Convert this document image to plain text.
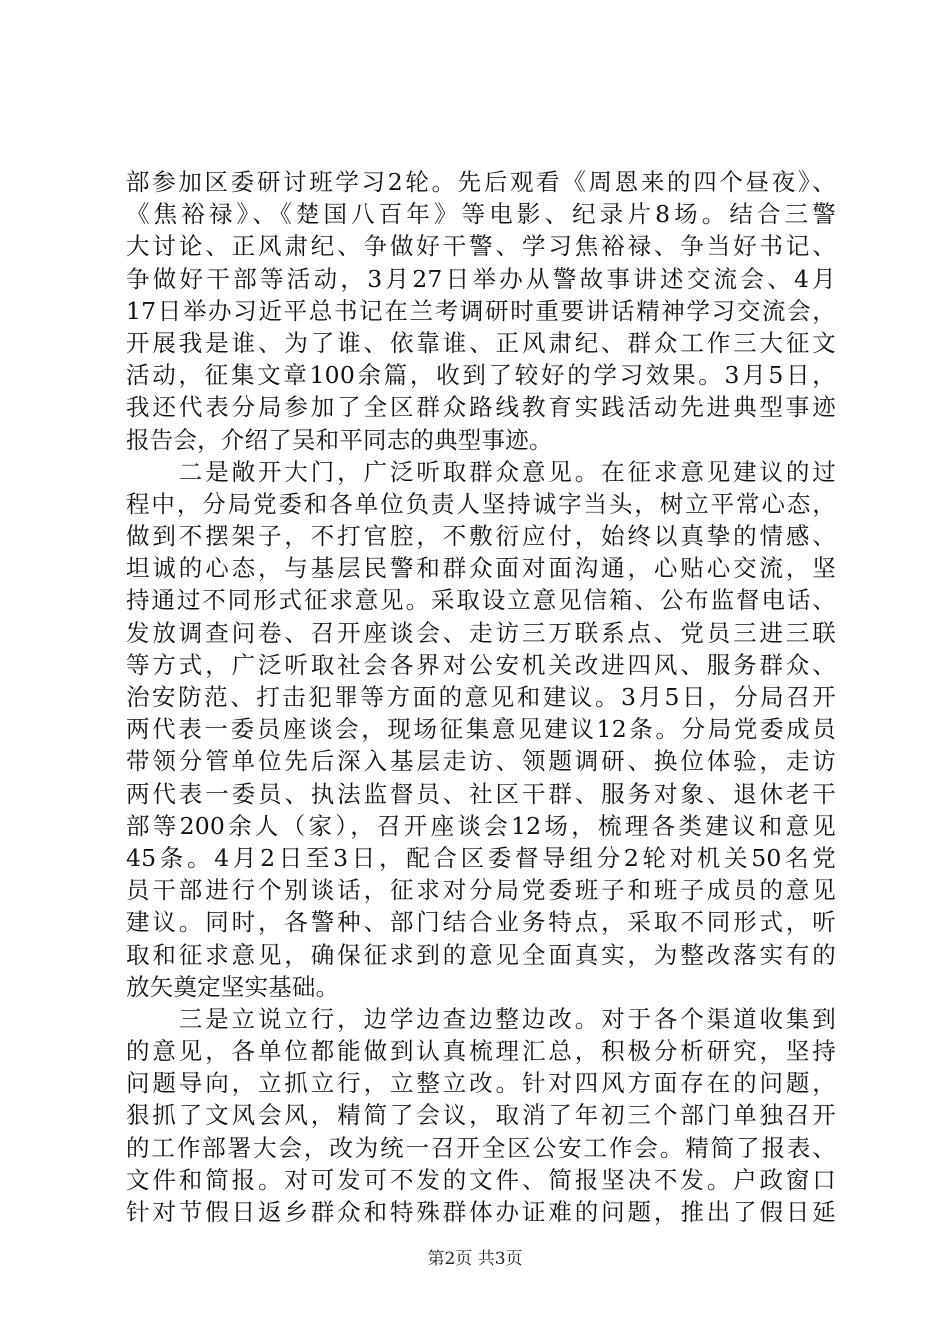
部参加区委研讨班学习2轮。先后观看《周恩来的四个昼夜》、
《焦裕禄》、《楚国八百年》等电影、纪录片8场。结合三警
大讨论、正风肃纪、争做好干警、学习焦裕禄、争当好书记、
争做好干部等活动，3月27日举办从警故事讲述交流会、4月
17日举办习近平总书记在兰考调研时重要讲话精神学习交流会，
开展我是谁、为了谁、依靠谁、正风肃纪、群众工作三大征文
活动，征集文章100余篇，收到了较好的学习效果。3月5日，
我还代表分局参加了全区群众路线教育实践活动先进典型事迹
报告会，介绍了吴和平同志的典型事迹。
　　二是敞开大门，广泛听取群众意见。在征求意见建议的过
程中，分局党委和各单位负责人坚持诚字当头，树立平常心态，
做到不摆架子，不打官腔，不敷衍应付，始终以真挚的情感、
坦诚的心态，与基层民警和群众面对面沟通，心贴心交流，坚
持通过不同形式征求意见。采取设立意见信箱、公布监督电话、
发放调查问卷、召开座谈会、走访三万联系点、党员三进三联
等方式，广泛听取社会各界对公安机关改进四风、服务群众、
治安防范、打击犯罪等方面的意见和建议。3月5日，分局召开
两代表一委员座谈会，现场征集意见建议12条。分局党委成员
带领分管单位先后深入基层走访、领题调研、换位体验，走访
两代表一委员、执法监督员、社区干群、服务对象、退休老干
部等200余人（家），召开座谈会12场，梳理各类建议和意见
45条。4月2日至3日，配合区委督导组分2轮对机关50名党
员干部进行个别谈话，征求对分局党委班子和班子成员的意见
建议。同时，各警种、部门结合业务特点，采取不同形式，听
取和征求意见，确保征求到的意见全面真实，为整改落实有的
放矢奠定坚实基础。
　　三是立说立行，边学边查边整边改。对于各个渠道收集到
的意见，各单位都能做到认真梳理汇总，积极分析研究，坚持
问题导向，立抓立行，立整立改。针对四风方面存在的问题，
狠抓了文风会风，精简了会议，取消了年初三个部门单独召开
的工作部署大会，改为统一召开全区公安工作会。精简了报表、
文件和简报。对可发可不发的文件、简报坚决不发。户政窗口
针对节假日返乡群众和特殊群体办证难的问题，推出了假日延
第2页 共3页
